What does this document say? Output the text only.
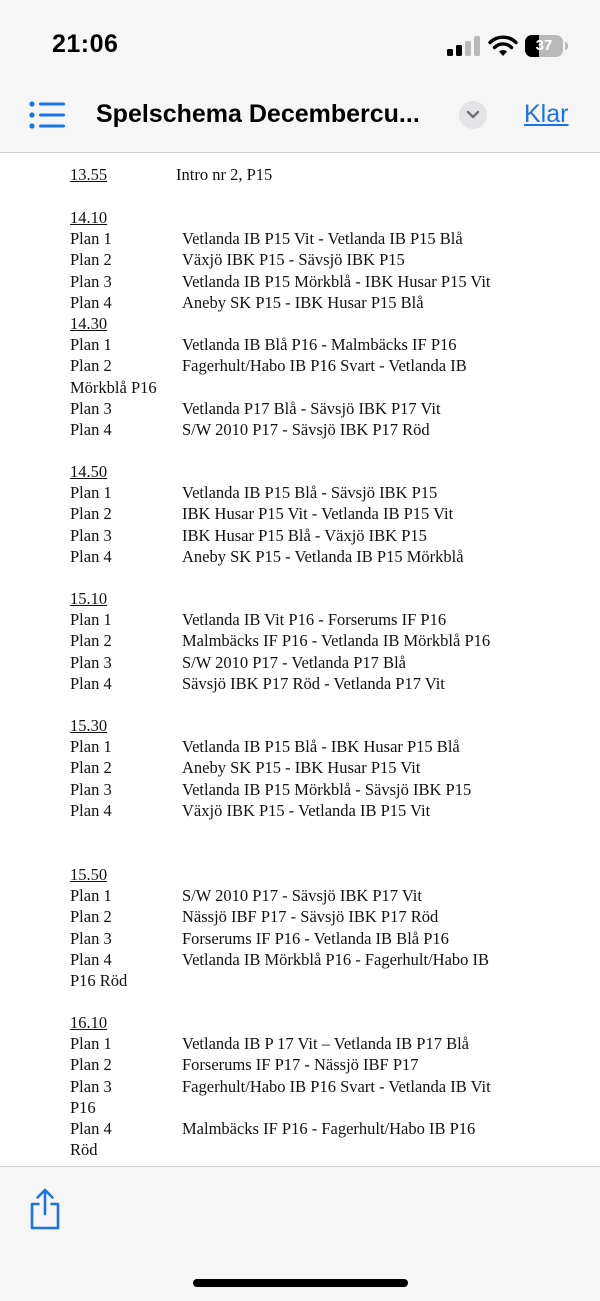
21:06	37
Spelschema Decembercu...	Klar
13.55	Intro nr 2, P15
14.10
Plan 1	Vetlanda IB P15 Vit - Vetlanda IB P15 Blå
Plan 2	Växjö IBK P15 - Sävsjö IBK P15
Plan 3	Vetlanda IB P15 Mörkblå - IBK Husar P15 Vit
Plan 4	Aneby SK P15 - IBK Husar P15 Blå
14.30
Plan 1	Vetlanda IB Blå P16 - Malmbäcks IF P16
Plan 2	Fagerhult/Habo IB P16 Svart - Vetlanda IB
Mörkblå P16
Plan 3	Vetlanda P17 Blå - Sävsjö IBK P17 Vit
Plan 4	S/W 2010 P17 - Sävsjö IBK P17 Röd
14.50
Plan 1	Vetlanda IB P15 Blå - Sävsjö IBK P15
Plan 2	IBK Husar P15 Vit - Vetlanda IB P15 Vit
Plan 3	IBK Husar P15 Blå - Växjö IBK P15
Plan 4	Aneby SK P15 - Vetlanda IB P15 Mörkblå
15.10
Plan 1	Vetlanda IB Vit P16 - Forserums IF P16
Plan 2	Malmbäcks IF P16 - Vetlanda IB Mörkblå P16
Plan 3	S/W 2010 P17 - Vetlanda P17 Blå
Plan 4	Sävsjö IBK P17 Röd - Vetlanda P17 Vit
15.30
Plan 1	Vetlanda IB P15 Blå - IBK Husar P15 Blå
Plan 2	Aneby SK P15 - IBK Husar P15 Vit
Plan 3	Vetlanda IB P15 Mörkblå - Sävsjö IBK P15
Plan 4	Växjö IBK P15 - Vetlanda IB P15 Vit
15.50
Plan 1	S/W 2010 P17 - Sävsjö IBK P17 Vit
Plan 2	Nässjö IBF P17 - Sävsjö IBK P17 Röd
Plan 3	Forserums IF P16 - Vetlanda IB Blå P16
Plan 4	Vetlanda IB Mörkblå P16 - Fagerhult/Habo IB
P16 Röd
16.10
Plan 1	Vetlanda IB P 17 Vit – Vetlanda IB P17 Blå
Plan 2	Forserums IF P17 - Nässjö IBF P17
Plan 3	Fagerhult/Habo IB P16 Svart - Vetlanda IB Vit
P16
Plan 4	Malmbäcks IF P16 - Fagerhult/Habo IB P16
Röd
